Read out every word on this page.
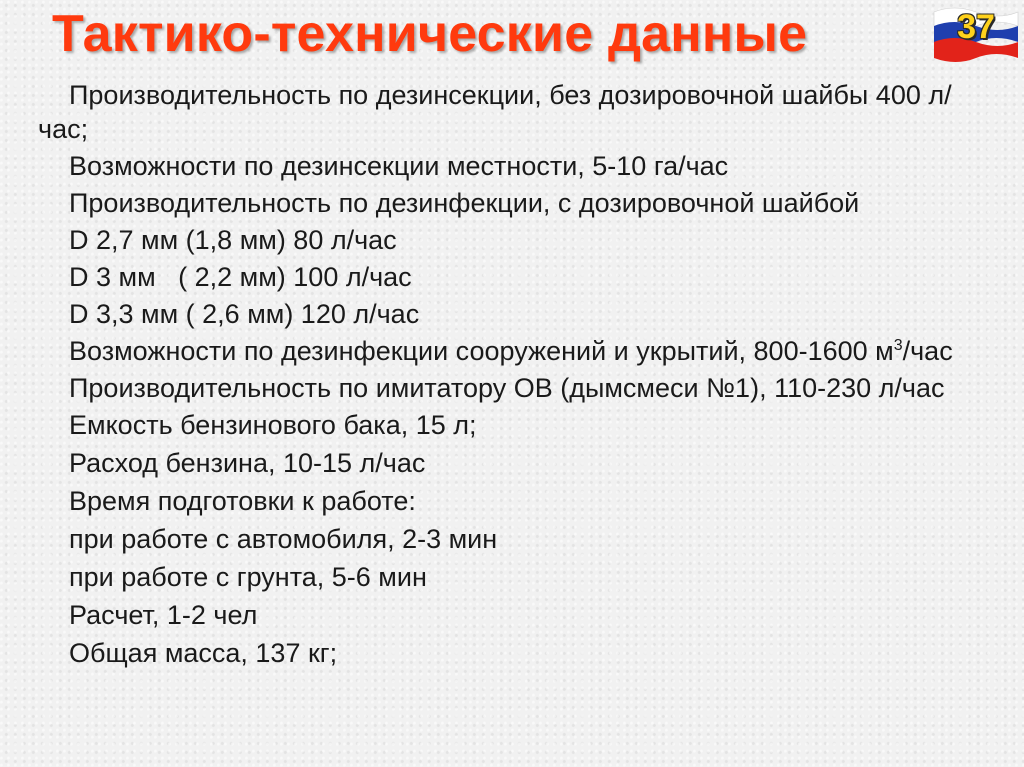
Тактико-технические данные	37

Производительность по дезинсекции, без дозировочной шайбы 400 л/час;

Возможности по дезинсекции местности, 5-10 га/час

Производительность по дезинфекции, с дозировочной шайбой

D 2,7 мм (1,8 мм) 80 л/час

D 3 мм   ( 2,2 мм) 100 л/час

D 3,3 мм ( 2,6 мм) 120 л/час

Возможности по дезинфекции сооружений и укрытий, 800-1600 $м^3$/час

Производительность по имитатору ОВ (дымсмеси №1), 110-230 л/час

Емкость бензинового бака, 15 л;

Расход бензина, 10-15 л/час

Время подготовки к работе:

при работе с автомобиля, 2-3 мин

при работе с грунта, 5-6 мин

Расчет, 1-2 чел

Общая масса, 137 кг;
